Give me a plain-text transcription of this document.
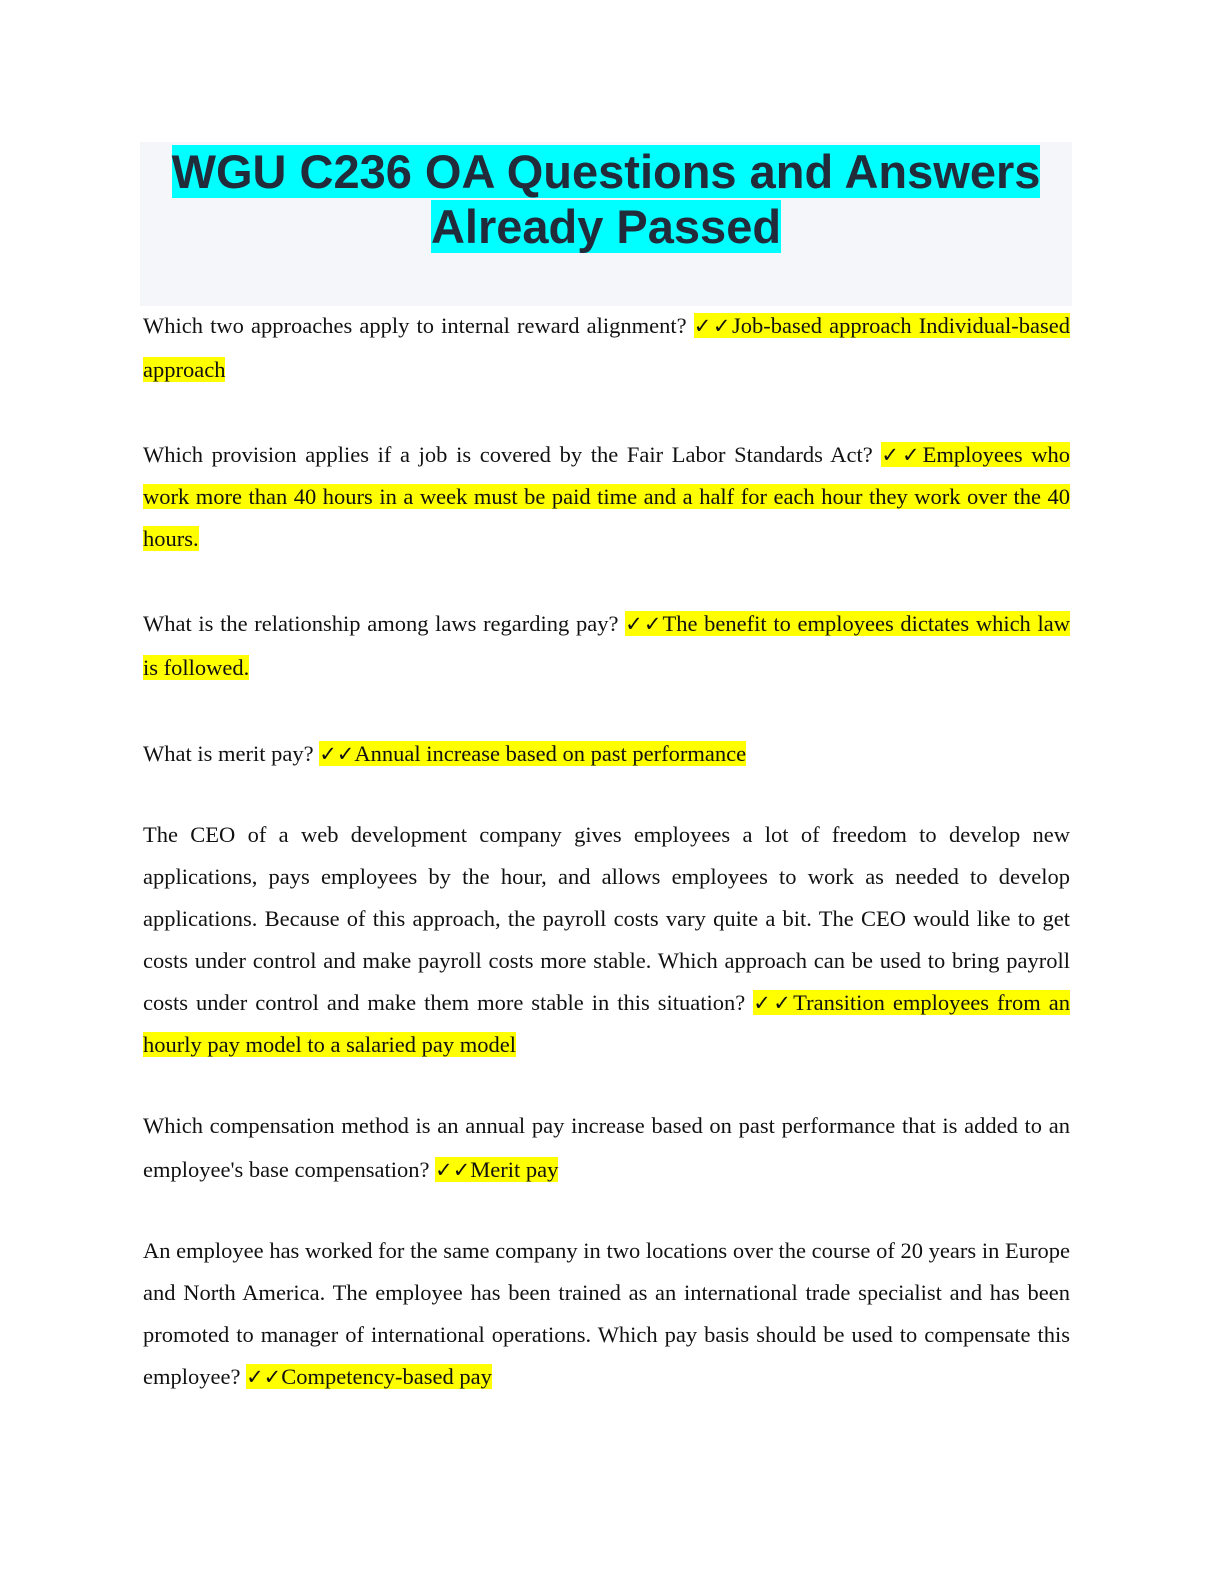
WGU C236 OA Questions and Answers
Already Passed

Which two approaches apply to internal reward alignment? ✓✓Job-based approach Individual-based approach

Which provision applies if a job is covered by the Fair Labor Standards Act? ✓✓Employees who work more than 40 hours in a week must be paid time and a half for each hour they work over the 40 hours.

What is the relationship among laws regarding pay? ✓✓The benefit to employees dictates which law is followed.

What is merit pay? ✓✓Annual increase based on past performance

The CEO of a web development company gives employees a lot of freedom to develop new applications, pays employees by the hour, and allows employees to work as needed to develop applications. Because of this approach, the payroll costs vary quite a bit. The CEO would like to get costs under control and make payroll costs more stable. Which approach can be used to bring payroll costs under control and make them more stable in this situation? ✓✓Transition employees from an hourly pay model to a salaried pay model

Which compensation method is an annual pay increase based on past performance that is added to an employee's base compensation? ✓✓Merit pay

An employee has worked for the same company in two locations over the course of 20 years in Europe and North America. The employee has been trained as an international trade specialist and has been promoted to manager of international operations. Which pay basis should be used to compensate this employee? ✓✓Competency-based pay
